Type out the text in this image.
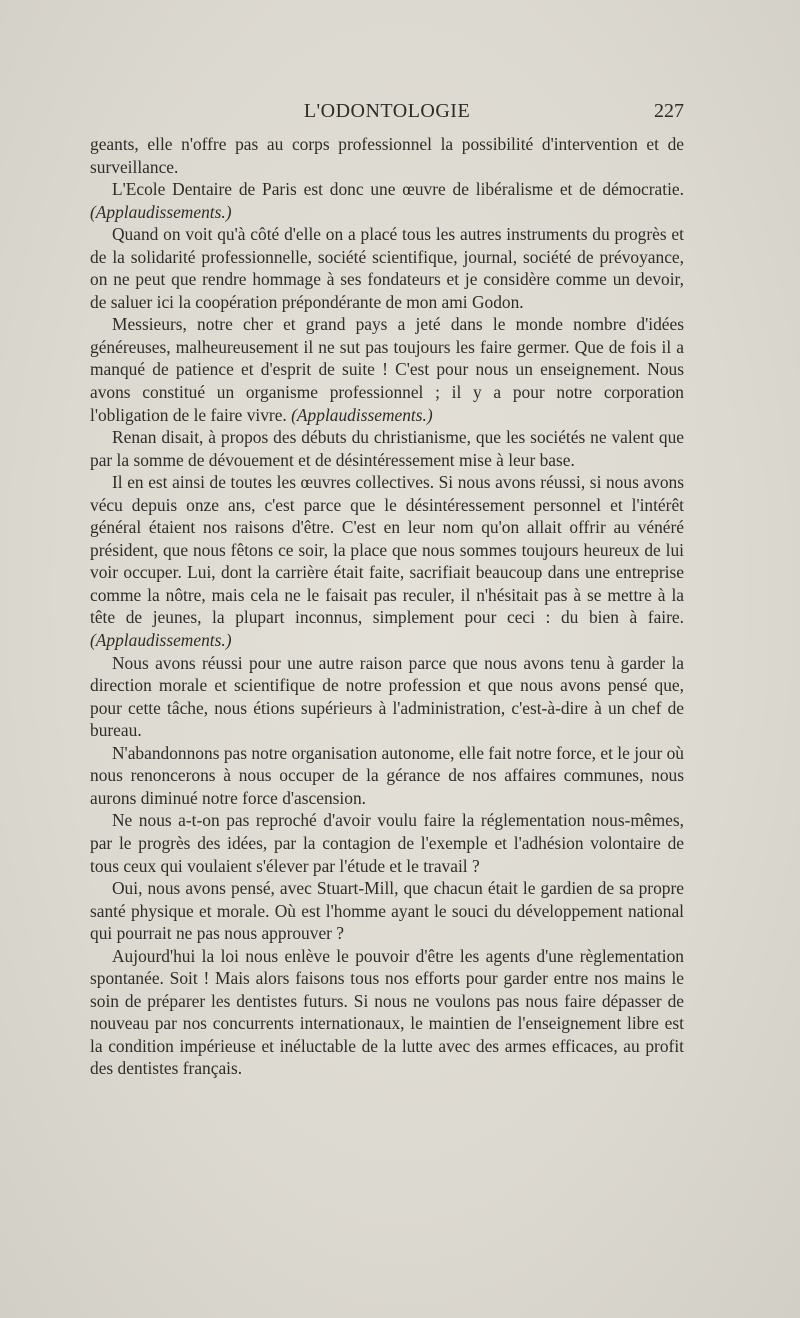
L'ODONTOLOGIE	227

geants, elle n'offre pas au corps professionnel la possibilité d'intervention et de surveillance.

L'Ecole Dentaire de Paris est donc une œuvre de libéralisme et de démocratie. (Applaudissements.)

Quand on voit qu'à côté d'elle on a placé tous les autres instruments du progrès et de la solidarité professionnelle, société scientifique, journal, société de prévoyance, on ne peut que rendre hommage à ses fondateurs et je considère comme un devoir, de saluer ici la coopération prépondérante de mon ami Godon.

Messieurs, notre cher et grand pays a jeté dans le monde nombre d'idées généreuses, malheureusement il ne sut pas toujours les faire germer. Que de fois il a manqué de patience et d'esprit de suite ! C'est pour nous un enseignement. Nous avons constitué un organisme professionnel ; il y a pour notre corporation l'obligation de le faire vivre. (Applaudissements.)

Renan disait, à propos des débuts du christianisme, que les sociétés ne valent que par la somme de dévouement et de désintéressement mise à leur base.

Il en est ainsi de toutes les œuvres collectives. Si nous avons réussi, si nous avons vécu depuis onze ans, c'est parce que le désintéressement personnel et l'intérêt général étaient nos raisons d'être. C'est en leur nom qu'on allait offrir au vénéré président, que nous fêtons ce soir, la place que nous sommes toujours heureux de lui voir occuper. Lui, dont la carrière était faite, sacrifiait beaucoup dans une entreprise comme la nôtre, mais cela ne le faisait pas reculer, il n'hésitait pas à se mettre à la tête de jeunes, la plupart inconnus, simplement pour ceci : du bien à faire. (Applaudissements.)

Nous avons réussi pour une autre raison parce que nous avons tenu à garder la direction morale et scientifique de notre profession et que nous avons pensé que, pour cette tâche, nous étions supérieurs à l'administration, c'est-à-dire à un chef de bureau.

N'abandonnons pas notre organisation autonome, elle fait notre force, et le jour où nous renoncerons à nous occuper de la gérance de nos affaires communes, nous aurons diminué notre force d'ascension.

Ne nous a-t-on pas reproché d'avoir voulu faire la réglementation nous-mêmes, par le progrès des idées, par la contagion de l'exemple et l'adhésion volontaire de tous ceux qui voulaient s'élever par l'étude et le travail ?

Oui, nous avons pensé, avec Stuart-Mill, que chacun était le gardien de sa propre santé physique et morale. Où est l'homme ayant le souci du développement national qui pourrait ne pas nous approuver ?

Aujourd'hui la loi nous enlève le pouvoir d'être les agents d'une règlementation spontanée. Soit ! Mais alors faisons tous nos efforts pour garder entre nos mains le soin de préparer les dentistes futurs. Si nous ne voulons pas nous faire dépasser de nouveau par nos concurrents internationaux, le maintien de l'enseignement libre est la condition impérieuse et inéluctable de la lutte avec des armes efficaces, au profit des dentistes français.
